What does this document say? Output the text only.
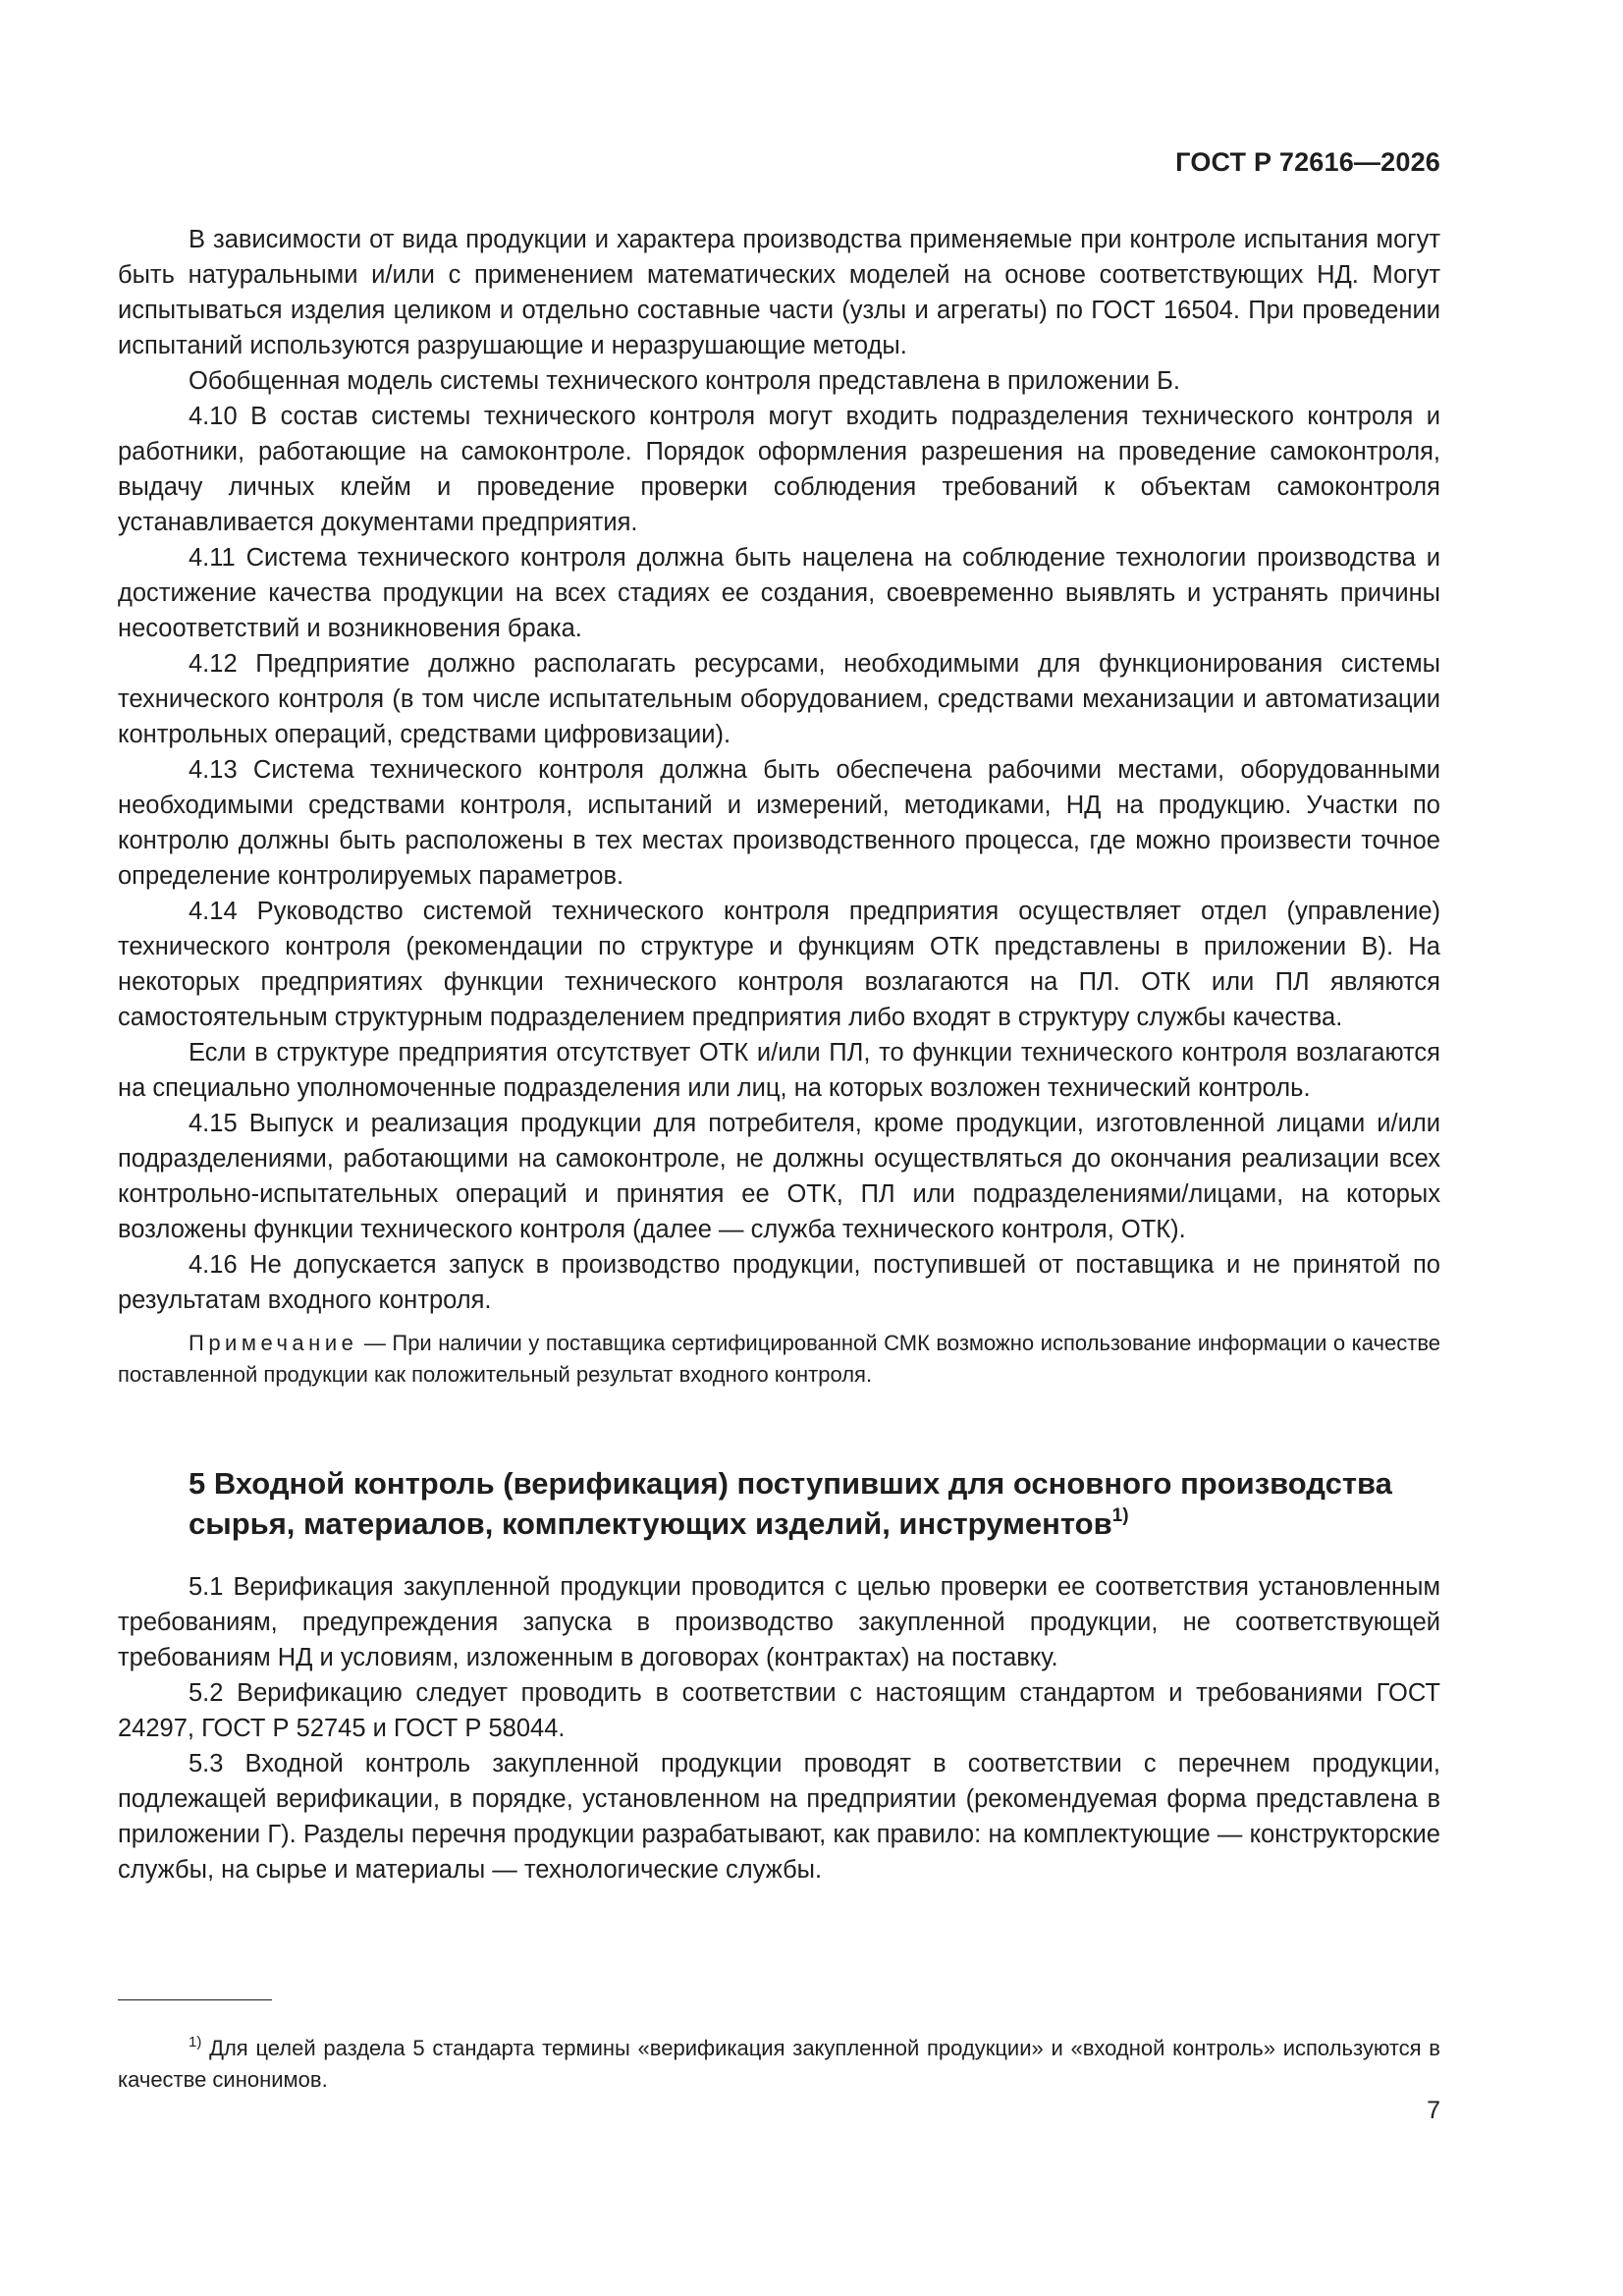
ГОСТ Р 72616—2026

В зависимости от вида продукции и характера производства применяемые при контроле испытания могут быть натуральными и/или с применением математических моделей на основе соответствующих НД. Могут испытываться изделия целиком и отдельно составные части (узлы и агрегаты) по ГОСТ 16504. При проведении испытаний используются разрушающие и неразрушающие методы.

Обобщенная модель системы технического контроля представлена в приложении Б.

4.10 В состав системы технического контроля могут входить подразделения технического контроля и работники, работающие на самоконтроле. Порядок оформления разрешения на проведение самоконтроля, выдачу личных клейм и проведение проверки соблюдения требований к объектам самоконтроля устанавливается документами предприятия.

4.11 Система технического контроля должна быть нацелена на соблюдение технологии производства и достижение качества продукции на всех стадиях ее создания, своевременно выявлять и устранять причины несоответствий и возникновения брака.

4.12 Предприятие должно располагать ресурсами, необходимыми для функционирования системы технического контроля (в том числе испытательным оборудованием, средствами механизации и автоматизации контрольных операций, средствами цифровизации).

4.13 Система технического контроля должна быть обеспечена рабочими местами, оборудованными необходимыми средствами контроля, испытаний и измерений, методиками, НД на продукцию. Участки по контролю должны быть расположены в тех местах производственного процесса, где можно произвести точное определение контролируемых параметров.

4.14 Руководство системой технического контроля предприятия осуществляет отдел (управление) технического контроля (рекомендации по структуре и функциям ОТК представлены в приложении В). На некоторых предприятиях функции технического контроля возлагаются на ПЛ. ОТК или ПЛ являются самостоятельным структурным подразделением предприятия либо входят в структуру службы качества.

Если в структуре предприятия отсутствует ОТК и/или ПЛ, то функции технического контроля возлагаются на специально уполномоченные подразделения или лиц, на которых возложен технический контроль.

4.15 Выпуск и реализация продукции для потребителя, кроме продукции, изготовленной лицами и/или подразделениями, работающими на самоконтроле, не должны осуществляться до окончания реализации всех контрольно-испытательных операций и принятия ее ОТК, ПЛ или подразделениями/лицами, на которых возложены функции технического контроля (далее — служба технического контроля, ОТК).

4.16 Не допускается запуск в производство продукции, поступившей от поставщика и не принятой по результатам входного контроля.

Примечание — При наличии у поставщика сертифицированной СМК возможно использование информации о качестве поставленной продукции как положительный результат входного контроля.

5 Входной контроль (верификация) поступивших для основного производства сырья, материалов, комплектующих изделий, инструментов$^{1)}$

5.1 Верификация закупленной продукции проводится с целью проверки ее соответствия установленным требованиям, предупреждения запуска в производство закупленной продукции, не соответствующей требованиям НД и условиям, изложенным в договорах (контрактах) на поставку.

5.2 Верификацию следует проводить в соответствии с настоящим стандартом и требованиями ГОСТ 24297, ГОСТ Р 52745 и ГОСТ Р 58044.

5.3 Входной контроль закупленной продукции проводят в соответствии с перечнем продукции, подлежащей верификации, в порядке, установленном на предприятии (рекомендуемая форма представлена в приложении Г). Разделы перечня продукции разрабатывают, как правило: на комплектующие — конструкторские службы, на сырье и материалы — технологические службы.

$^{1)}$ Для целей раздела 5 стандарта термины «верификация закупленной продукции» и «входной контроль» используются в качестве синонимов.

7
